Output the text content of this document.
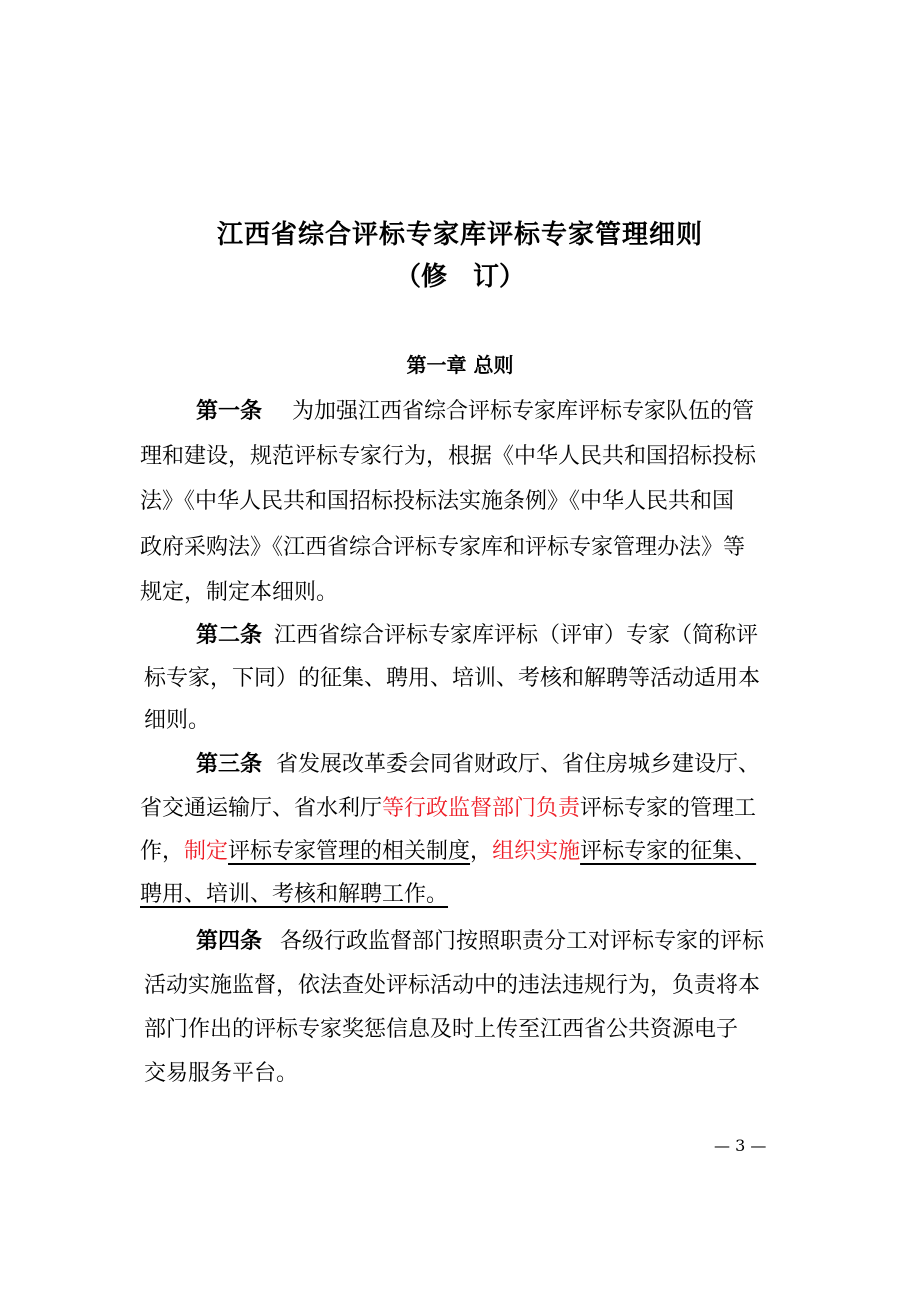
江西省综合评标专家库评标专家管理细则
（修 订）
第一章 总则
第一条 为加强江西省综合评标专家库评标专家队伍的管
理和建设，规范评标专家行为，根据《中华人民共和国招标投标
法》《中华人民共和国招标投标法实施条例》《中华人民共和国
政府采购法》《江西省综合评标专家库和评标专家管理办法》等
规定，制定本细则。
第二条 江西省综合评标专家库评标（评审）专家（简称评
标专家，下同）的征集、聘用、培训、考核和解聘等活动适用本
细则。
第三条 省发展改革委会同省财政厅、省住房城乡建设厅、
省交通运输厅、省水利厅等行政监督部门负责评标专家的管理工
作，制定评标专家管理的相关制度，组织实施评标专家的征集、
聘用、培训、考核和解聘工作。
第四条 各级行政监督部门按照职责分工对评标专家的评标
活动实施监督，依法查处评标活动中的违法违规行为，负责将本
部门作出的评标专家奖惩信息及时上传至江西省公共资源电子
交易服务平台。
— 3 —
